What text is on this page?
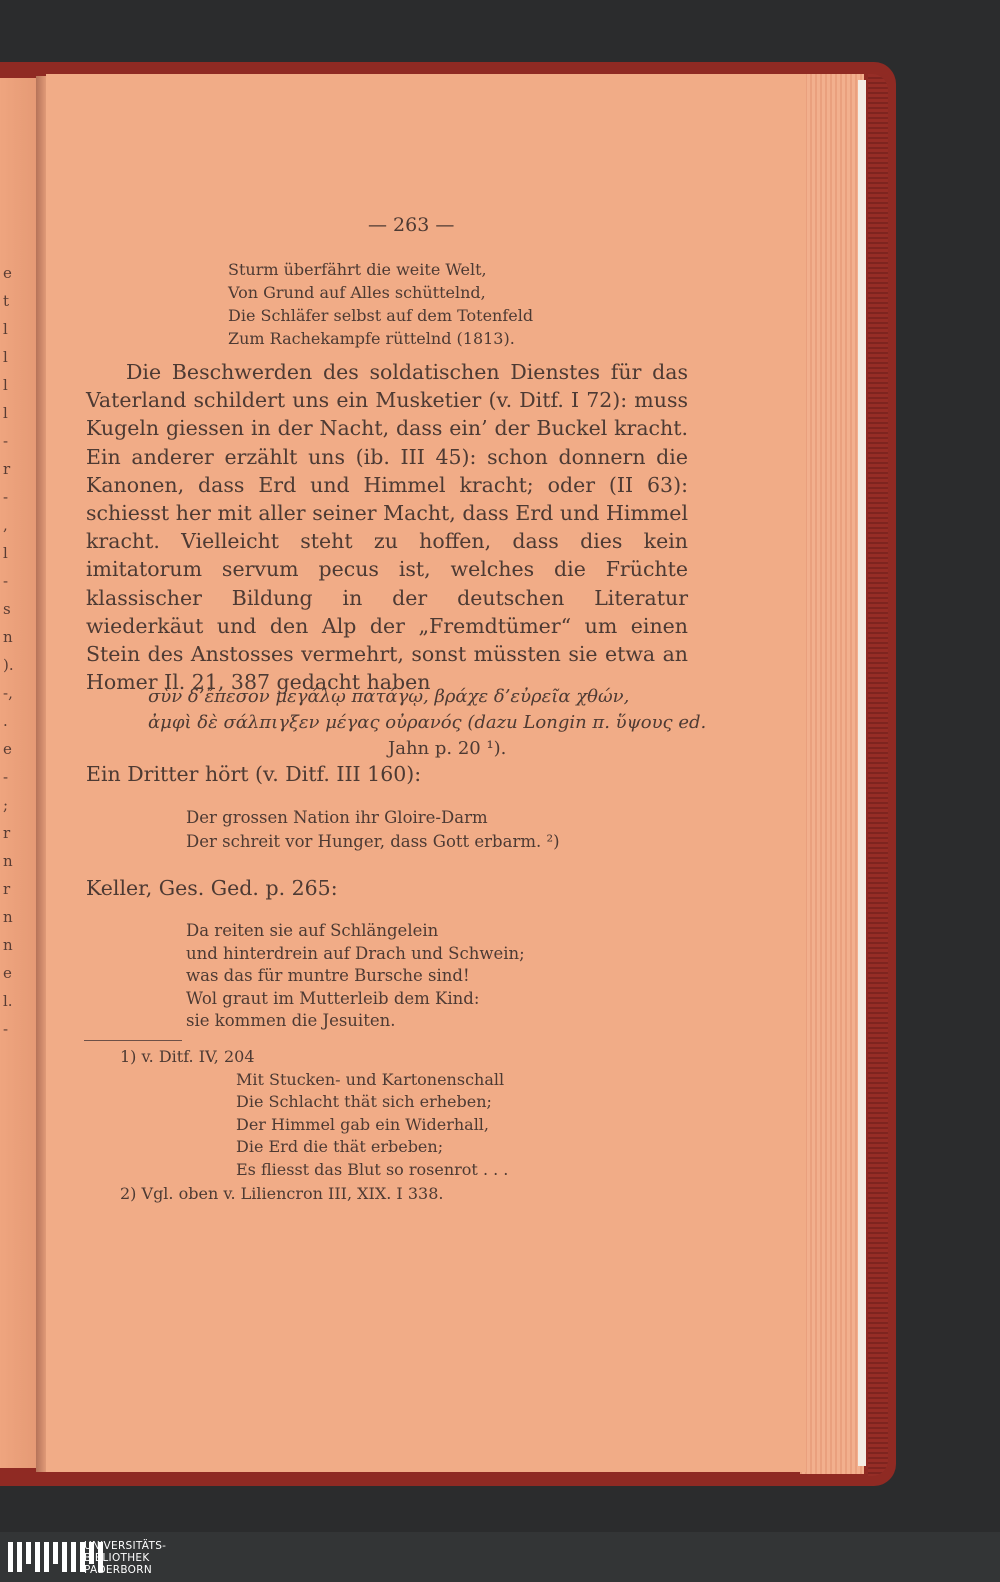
e
t
l
l
l
l
-
r
-
,
l
-
s
n
).
-,
.
e
-
;
r
n
r
n
n
e
l.
-
— 263 —
Sturm überfährt die weite Welt,
Von Grund auf Alles schüttelnd,
Die Schläfer selbst auf dem Totenfeld
Zum Rachekampfe rüttelnd (1813).
Die Beschwerden des soldatischen Dienstes für das Vaterland schildert uns ein Musketier (v. Ditf. I 72): muss Kugeln giessen in der Nacht, dass ein’ der Buckel kracht. Ein anderer erzählt uns (ib. III 45): schon donnern die Kanonen, dass Erd und Himmel kracht; oder (II 63): schiesst her mit aller seiner Macht, dass Erd und Himmel kracht. Vielleicht steht zu hoffen, dass dies kein imitatorum servum pecus ist, welches die Früchte klassischer Bildung in der deutschen Literatur wiederkäut und den Alp der „Fremdtümer“ um einen Stein des Anstosses vermehrt, sonst müssten sie etwa an Homer Il. 21, 387 gedacht haben
σὺν δ’ἔπεσον μεγάλῳ πατάγῳ, βράχε δ’εὐρεῖα χθών,
ἀμφὶ δὲ σάλπιγξεν μέγας οὐρανός (dazu Longin π. ὕψους ed.
Jahn p. 20 ¹).
Ein Dritter hört (v. Ditf. III 160):
Der grossen Nation ihr Gloire-Darm
Der schreit vor Hunger, dass Gott erbarm. ²)
Keller, Ges. Ged. p. 265:
Da reiten sie auf Schlängelein
und hinterdrein auf Drach und Schwein;
was das für muntre Bursche sind!
Wol graut im Mutterleib dem Kind:
sie kommen die Jesuiten.
1) v. Ditf. IV, 204
Mit Stucken- und Kartonenschall
Die Schlacht thät sich erheben;
Der Himmel gab ein Widerhall,
Die Erd die thät erbeben;
Es fliesst das Blut so rosenrot . . .
2) Vgl. oben v. Liliencron III, XIX. I 338.
UNIVERSITÄTS-
BIBLIOTHEK
PADERBORN
